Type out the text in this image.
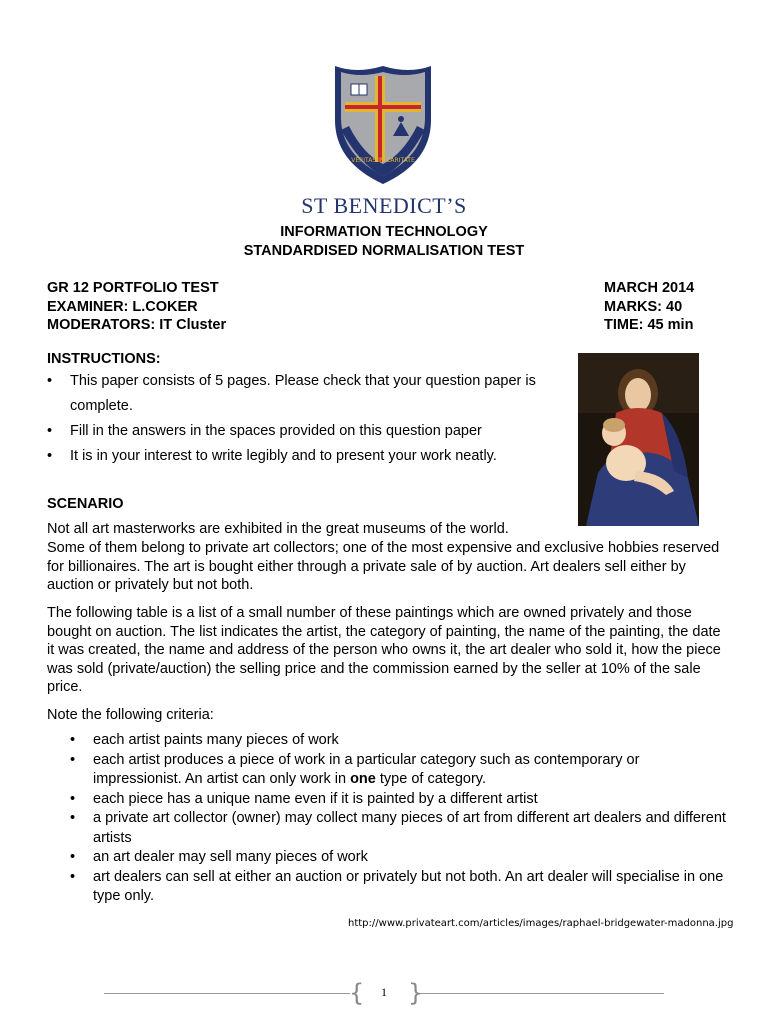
VERITAS IN CARITATE
ST BENEDICT’S
INFORMATION TECHNOLOGY
STANDARDISED NORMALISATION TEST
GR 12 PORTFOLIO TEST
EXAMINER: L.COKER
MODERATORS: IT Cluster
MARCH 2014
MARKS: 40
TIME: 45 min
INSTRUCTIONS:
• This paper consists of 5 pages. Please check that your question paper is complete.
• Fill in the answers in the spaces provided on this question paper
• It is in your interest to write legibly and to present your work neatly.
SCENARIO

Not all art masterworks are exhibited in the great museums of the world.

Some of them belong to private art collectors; one of the most expensive and exclusive hobbies reserved for billionaires. The art is bought either through a private sale of by auction. Art dealers sell either by auction or privately but not both.

The following table is a list of a small number of these paintings which are owned privately and those bought on auction. The list indicates the artist, the category of painting, the name of the painting, the date it was created, the name and address of the person who owns it, the art dealer who sold it, how the piece was sold (private/auction) the selling price and the commission earned by the seller at 10% of the sale price.

Note the following criteria:

• each artist paints many pieces of work
• each artist produces a piece of work in a particular category such as contemporary or impressionist. An artist can only work in one type of category.
• each piece has a unique name even if it is painted by a different artist
• a private art collector (owner) may collect many pieces of art from different art dealers and different artists
• an art dealer may sell many pieces of work
• art dealers can sell at either an auction or privately but not both. An art dealer will specialise in one type only.
http://www.privateart.com/articles/images/raphael-bridgewater-madonna.jpg
{ }
1
